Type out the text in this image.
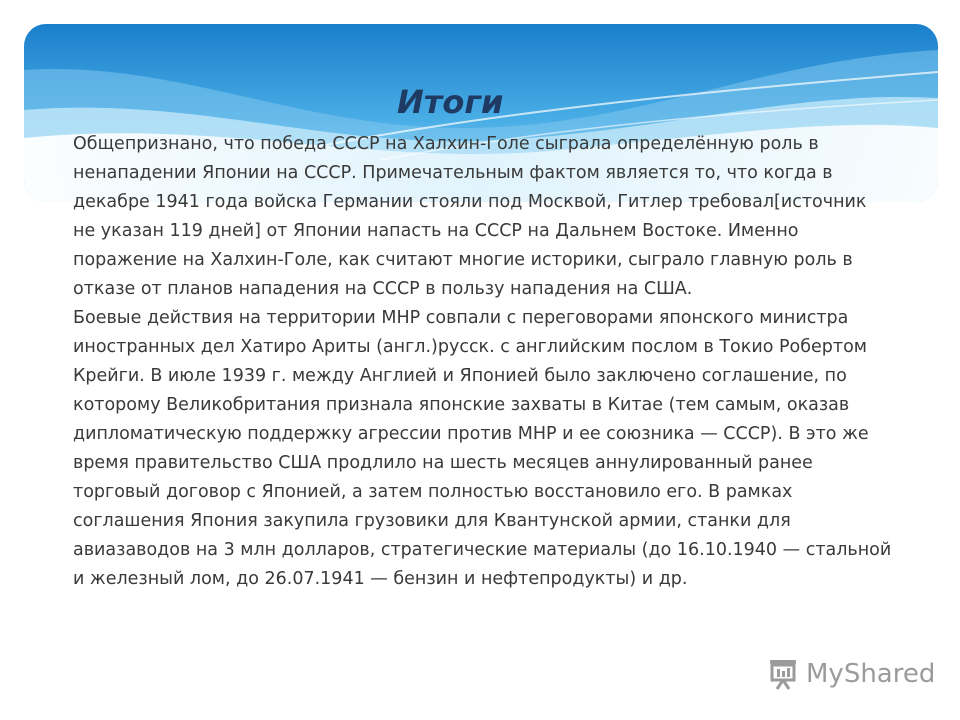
Итоги

Общепризнано, что победа СССР на Халхин-Голе сыграла определённую роль в ненападении Японии на СССР. Примечательным фактом является то, что когда в декабре 1941 года войска Германии стояли под Москвой, Гитлер требовал[источник не указан 119 дней] от Японии напасть на СССР на Дальнем Востоке. Именно поражение на Халхин-Голе, как считают многие историки, сыграло главную роль в отказе от планов нападения на СССР в пользу нападения на США.

Боевые действия на территории МНР совпали с переговорами японского министра иностранных дел Хатиро Ариты (англ.)русск. с английским послом в Токио Робертом Крейги. В июле 1939 г. между Англией и Японией было заключено соглашение, по которому Великобритания признала японские захваты в Китае (тем самым, оказав дипломатическую поддержку агрессии против МНР и ее союзника — СССР). В это же время правительство США продлило на шесть месяцев аннулированный ранее торговый договор с Японией, а затем полностью восстановило его. В рамках соглашения Япония закупила грузовики для Квантунской армии, станки для авиазаводов на 3 млн долларов, стратегические материалы (до 16.10.1940 — стальной и железный лом, до 26.07.1941 — бензин и нефтепродукты) и др.

MyShared
